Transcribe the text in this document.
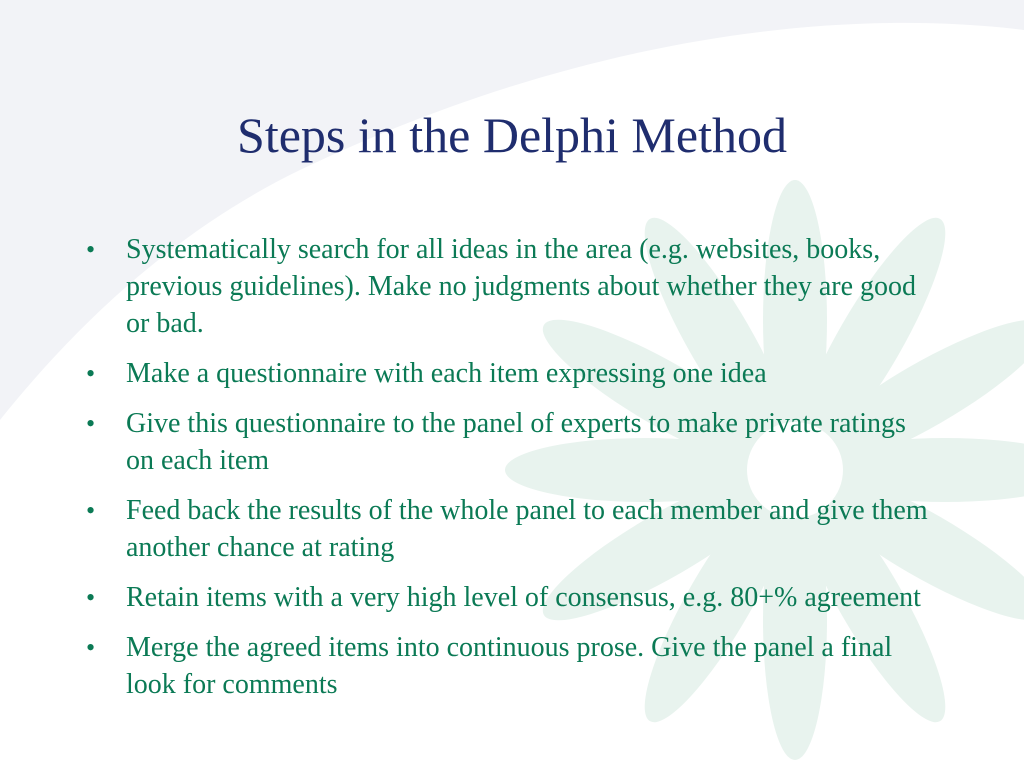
Steps in the Delphi Method
• Systematically search for all ideas in the area (e.g. websites, books, previous guidelines). Make no judgments about whether they are good or bad.
• Make a questionnaire with each item expressing one idea
• Give this questionnaire to the panel of experts to make private ratings on each item
• Feed back the results of the whole panel to each member and give them another chance at rating
• Retain items with a very high level of consensus, e.g. 80+% agreement
• Merge the agreed items into continuous prose. Give the panel a final look for comments
